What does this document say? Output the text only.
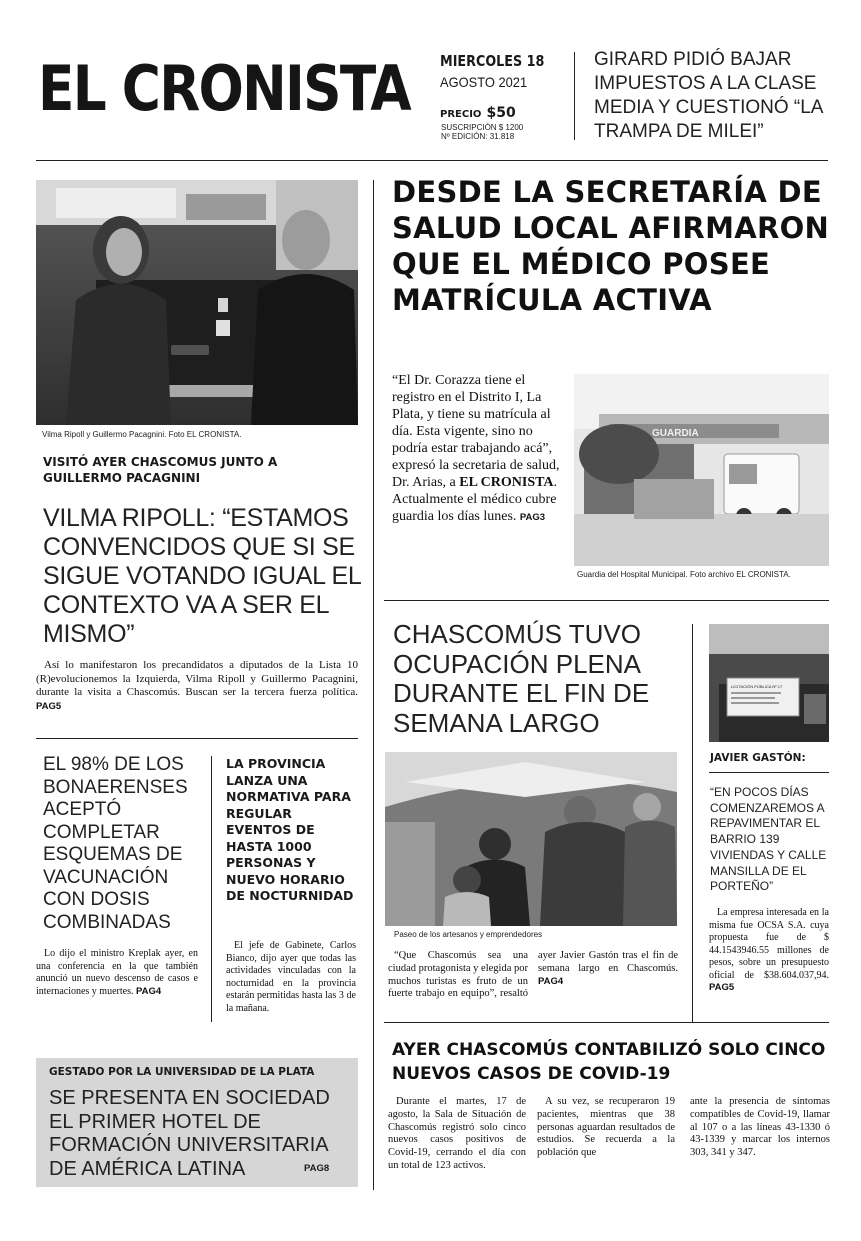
EL CRONISTA MIERCOLES 18
AGOSTO 2021
PRECIO $50
SUSCRIPCIÓN $ 1200
Nº EDICIÓN: 31.818
GIRARD PIDIÓ BAJAR IMPUESTOS A LA CLASE MEDIA Y CUESTIONÓ “LA TRAMPA DE MILEI”
Vilma Ripoll y Guillermo Pacagnini. Foto EL CRONISTA.
VISITÓ AYER CHASCOMUS JUNTO A GUILLERMO PACAGNINI
VILMA RIPOLL: “ESTAMOS CONVENCIDOS QUE SI SE SIGUE VOTANDO IGUAL EL CONTEXTO VA A SER EL MISMO”
Así lo manifestaron los precandidatos a diputados de la Lista 10 (R)evolucionemos la Izquierda, Vilma Ripoll y Guillermo Pacagnini, durante la visita a Chascomús. Buscan ser la tercera fuerza política. PAG5
EL 98% DE LOS BONAERENSES ACEPTÓ COMPLETAR ESQUEMAS DE VACUNACIÓN CON DOSIS COMBINADAS
Lo dijo el ministro Kreplak ayer, en una conferencia en la que también anunció un nuevo descenso de casos e internaciones y muertes. PAG4
LA PROVINCIA LANZA UNA NORMATIVA PARA REGULAR EVENTOS DE HASTA 1000 PERSONAS Y NUEVO HORARIO DE NOCTURNIDAD
El jefe de Gabinete, Carlos Bianco, dijo ayer que todas las actividades vinculadas con la nocturnidad en la provincia estarán permitidas hasta las 3 de la mañana.
GESTADO POR LA UNIVERSIDAD DE LA PLATA
SE PRESENTA EN SOCIEDAD EL PRIMER HOTEL DE FORMACIÓN UNIVERSITARIA DE AMÉRICA LATINA	PAG8
DESDE LA SECRETARÍA DE SALUD LOCAL AFIRMARON QUE EL MÉDICO POSEE MATRÍCULA ACTIVA
“El Dr. Corazza tiene el registro en el Distrito I, La Plata, y tiene su matrícula al día. Esta vigente, sino no podría estar trabajando acá”, expresó la secretaria de salud, Dr. Arias, a EL CRONISTA. Actualmente el médico cubre guardia los días lunes. PAG3
GUARDIA
Guardia del Hospital Municipal. Foto archivo EL CRONISTA.
CHASCOMÚS TUVO OCUPACIÓN PLENA DURANTE EL FIN DE SEMANA LARGO
Paseo de los artesanos y emprendedores
“Que Chascomús sea una ciudad protagonista y elegida por muchos turistas es fruto de un fuerte trabajo en equipo”, resaltó ayer Javier Gastón tras el fin de semana largo en Chascomús. PAG4
LICITACIÓN PÚBLICA Nº 17
JAVIER GASTÓN:
“EN POCOS DÍAS COMENZAREMOS A REPAVIMENTAR EL BARRIO 139 VIVIENDAS Y CALLE MANSILLA DE EL PORTEÑO”
La empresa interesada en la misma fue OCSA S.A. cuya propuesta fue de $ 44.1543946.55 millones de pesos, sobre un presupuesto oficial de $38.604.037,94. PAG5
AYER CHASCOMÚS CONTABILIZÓ SOLO CINCO NUEVOS CASOS DE COVID-19
Durante el martes, 17 de agosto, la Sala de Situación de Chascomús registró solo cinco nuevos casos positivos de Covid-19, cerrando el día con un total de 123 activos.
A su vez, se recuperaron 19 pacientes, mientras que 38 personas aguardan resultados de estudios. Se recuerda a la población que
ante la presencia de síntomas compatibles de Covid-19, llamar al 107 o a las líneas 43-1330 ó 43-1339 y marcar los internos 303, 341 y 347.
